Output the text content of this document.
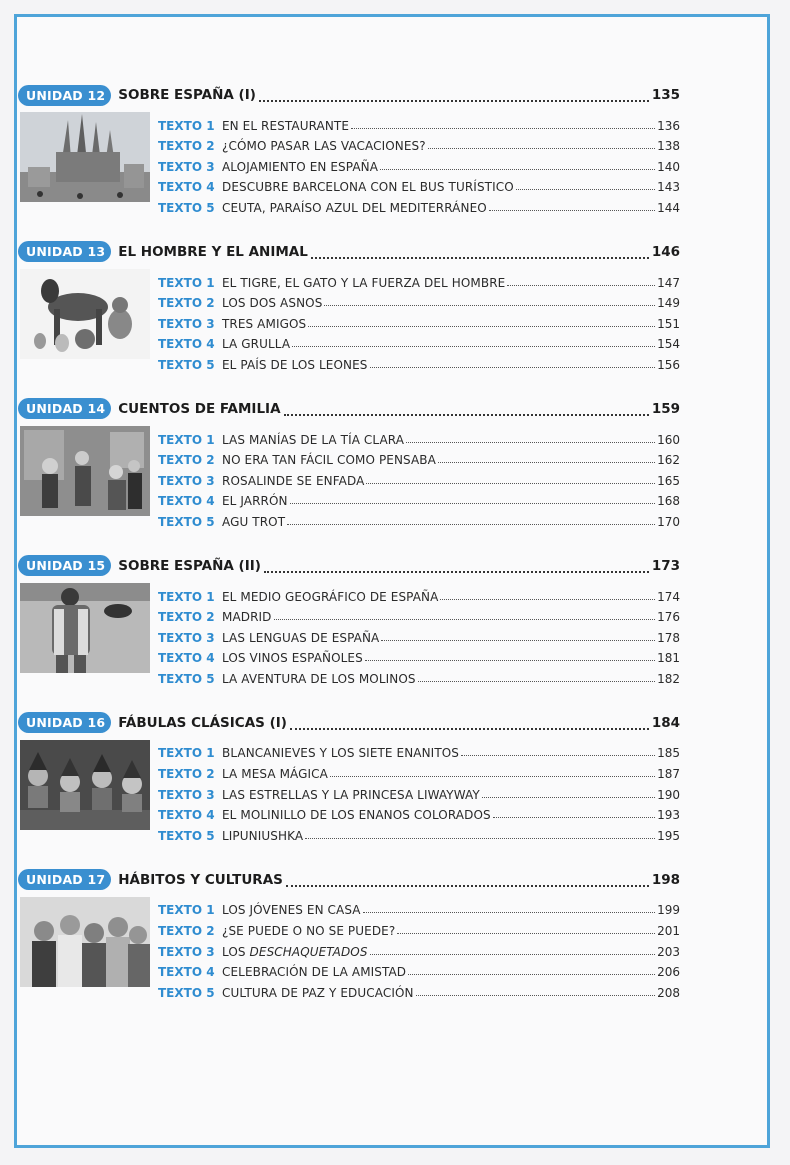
UNIDAD 12 SOBRE ESPAÑA (I)	135
TEXTO 1 EN EL RESTAURANTE	136
TEXTO 2 ¿CÓMO PASAR LAS VACACIONES?	138
TEXTO 3 ALOJAMIENTO EN ESPAÑA	140
TEXTO 4 DESCUBRE BARCELONA CON EL BUS TURÍSTICO	143
TEXTO 5 CEUTA, PARAÍSO AZUL DEL MEDITERRÁNEO	144
UNIDAD 13 EL HOMBRE Y EL ANIMAL	146
TEXTO 1 EL TIGRE, EL GATO Y LA FUERZA DEL HOMBRE	147
TEXTO 2 LOS DOS ASNOS	149
TEXTO 3 TRES AMIGOS	151
TEXTO 4 LA GRULLA	154
TEXTO 5 EL PAÍS DE LOS LEONES	156
UNIDAD 14 CUENTOS DE FAMILIA	159
TEXTO 1 LAS MANÍAS DE LA TÍA CLARA	160
TEXTO 2 NO ERA TAN FÁCIL COMO PENSABA	162
TEXTO 3 ROSALINDE SE ENFADA	165
TEXTO 4 EL JARRÓN	168
TEXTO 5 AGU TROT	170
UNIDAD 15 SOBRE ESPAÑA (II)	173
TEXTO 1 EL MEDIO GEOGRÁFICO DE ESPAÑA	174
TEXTO 2 MADRID	176
TEXTO 3 LAS LENGUAS DE ESPAÑA	178
TEXTO 4 LOS VINOS ESPAÑOLES	181
TEXTO 5 LA AVENTURA DE LOS MOLINOS	182
UNIDAD 16 FÁBULAS CLÁSICAS (I)	184
TEXTO 1 BLANCANIEVES Y LOS SIETE ENANITOS	185
TEXTO 2 LA MESA MÁGICA	187
TEXTO 3 LAS ESTRELLAS Y LA PRINCESA LIWAYWAY	190
TEXTO 4 EL MOLINILLO DE LOS ENANOS COLORADOS	193
TEXTO 5 LIPUNIUSHKA	195
UNIDAD 17 HÁBITOS Y CULTURAS	198
TEXTO 1 LOS JÓVENES EN CASA	199
TEXTO 2 ¿SE PUEDE O NO SE PUEDE?	201
TEXTO 3 LOS DESCHAQUETADOS	203
TEXTO 4 CELEBRACIÓN DE LA AMISTAD	206
TEXTO 5 CULTURA DE PAZ Y EDUCACIÓN	208
